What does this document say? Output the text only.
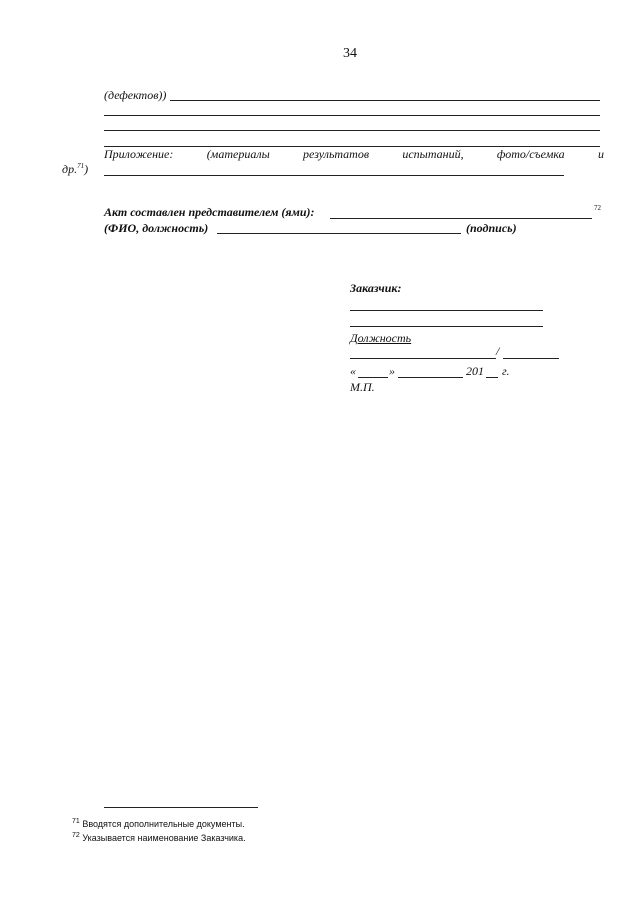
34
(дефектов))
Приложение:	(материалы	результатов	испытаний,	фото/съемка	и
др.$^{71}$)
Акт составлен представителем (ями):	72
(ФИО, должность)	(подпись)
Заказчик:
Должность
/
«	»	201 г.
М.П.
$^{71}$ Вводятся дополнительные документы.
$^{72}$ Указывается наименование Заказчика.
